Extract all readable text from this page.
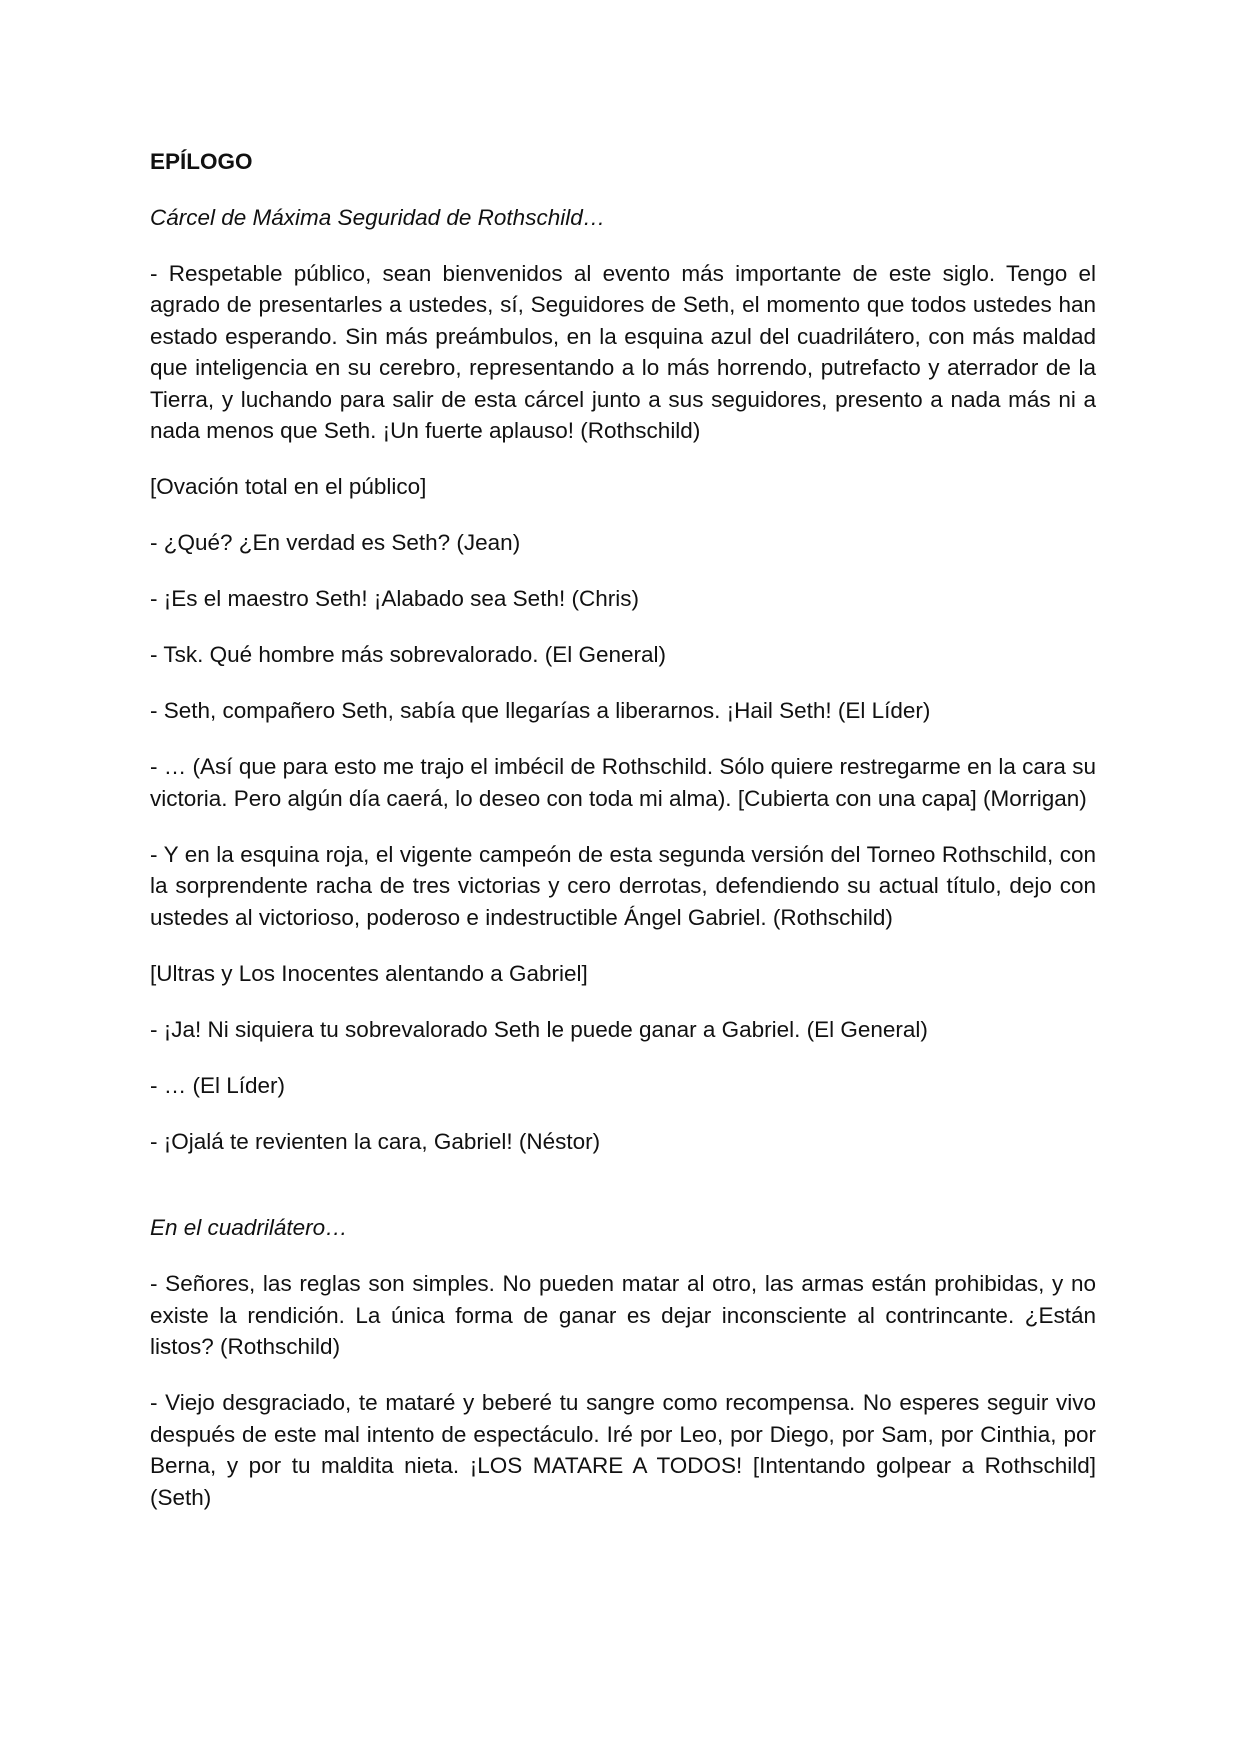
EPÍLOGO

Cárcel de Máxima Seguridad de Rothschild…

- Respetable público, sean bienvenidos al evento más importante de este siglo. Tengo el agrado de presentarles a ustedes, sí, Seguidores de Seth, el momento que todos ustedes han estado esperando. Sin más preámbulos, en la esquina azul del cuadrilátero, con más maldad que inteligencia en su cerebro, representando a lo más horrendo, putrefacto y aterrador de la Tierra, y luchando para salir de esta cárcel junto a sus seguidores, presento a nada más ni a nada menos que Seth. ¡Un fuerte aplauso! (Rothschild)

[Ovación total en el público]

- ¿Qué? ¿En verdad es Seth? (Jean)

- ¡Es el maestro Seth! ¡Alabado sea Seth! (Chris)

- Tsk. Qué hombre más sobrevalorado. (El General)

- Seth, compañero Seth, sabía que llegarías a liberarnos. ¡Hail Seth! (El Líder)

- … (Así que para esto me trajo el imbécil de Rothschild. Sólo quiere restregarme en la cara su victoria. Pero algún día caerá, lo deseo con toda mi alma). [Cubierta con una capa] (Morrigan)

- Y en la esquina roja, el vigente campeón de esta segunda versión del Torneo Rothschild, con la sorprendente racha de tres victorias y cero derrotas, defendiendo su actual título, dejo con ustedes al victorioso, poderoso e indestructible Ángel Gabriel. (Rothschild)

[Ultras y Los Inocentes alentando a Gabriel]

- ¡Ja! Ni siquiera tu sobrevalorado Seth le puede ganar a Gabriel. (El General)

- … (El Líder)

- ¡Ojalá te revienten la cara, Gabriel! (Néstor)

En el cuadrilátero…

- Señores, las reglas son simples. No pueden matar al otro, las armas están prohibidas, y no existe la rendición. La única forma de ganar es dejar inconsciente al contrincante. ¿Están listos? (Rothschild)

- Viejo desgraciado, te mataré y beberé tu sangre como recompensa. No esperes seguir vivo después de este mal intento de espectáculo. Iré por Leo, por Diego, por Sam, por Cinthia, por Berna, y por tu maldita nieta. ¡LOS MATARE A TODOS! [Intentando golpear a Rothschild] (Seth)
